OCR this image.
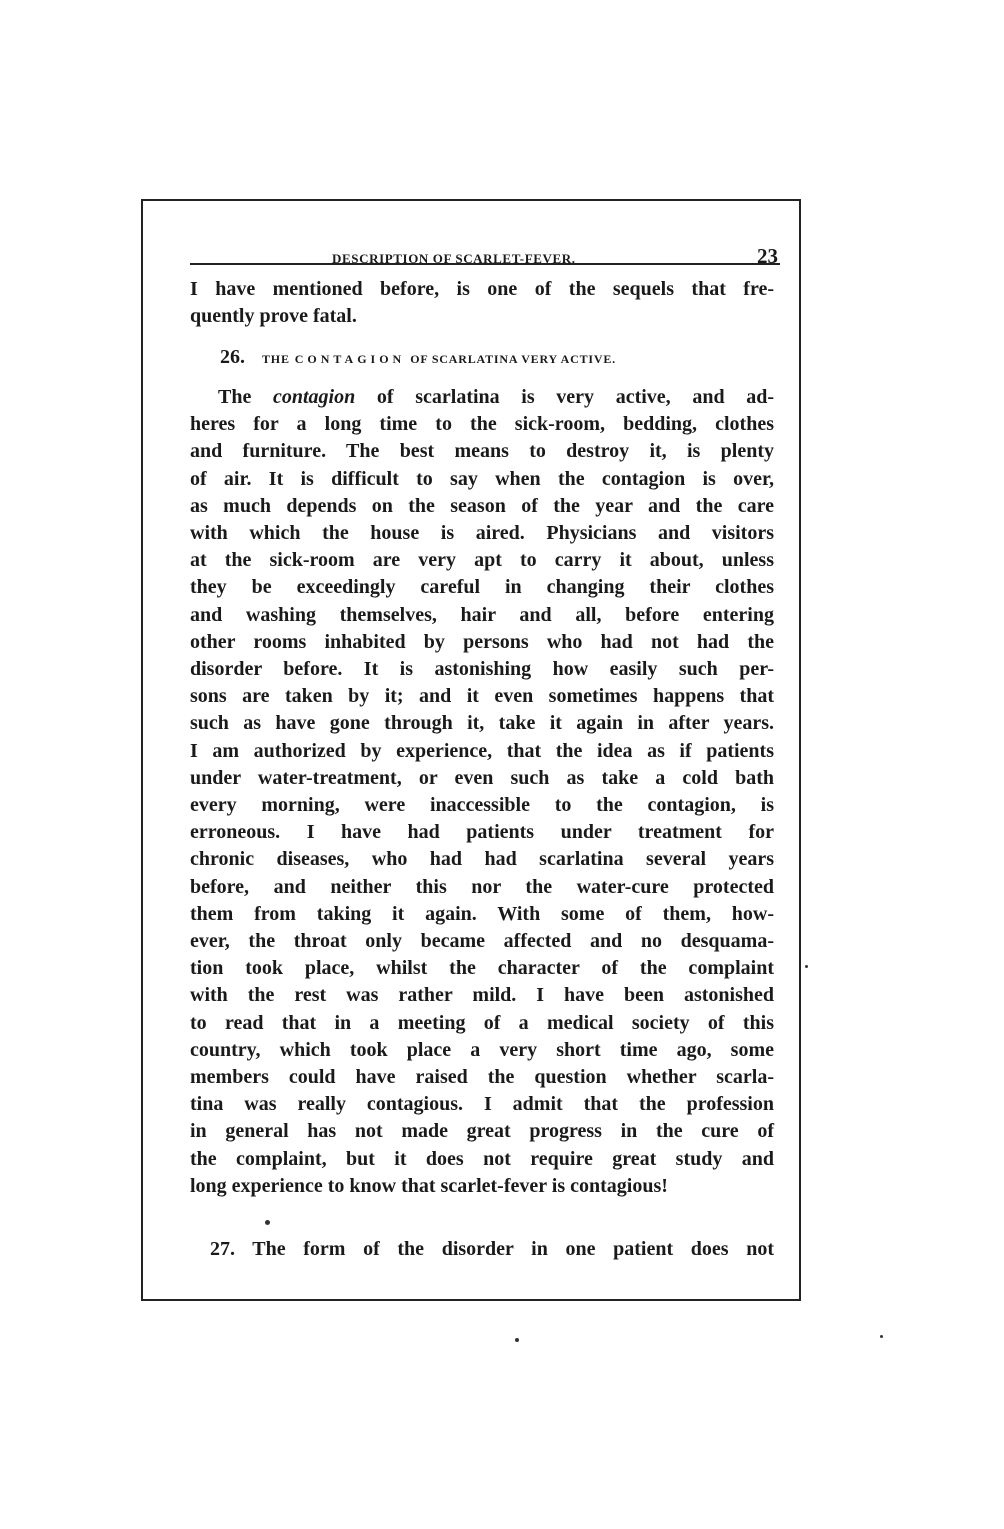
DESCRIPTION OF SCARLET-FEVER.	23
I have mentioned before, is one of the sequels that fre-
quently prove fatal.
26. THE CONTAGION OF SCARLATINA VERY ACTIVE.
The contagion of scarlatina is very active, and ad-
heres for a long time to the sick-room, bedding, clothes
and furniture. The best means to destroy it, is plenty
of air. It is difficult to say when the contagion is over,
as much depends on the season of the year and the care
with which the house is aired. Physicians and visitors
at the sick-room are very apt to carry it about, unless
they be exceedingly careful in changing their clothes
and washing themselves, hair and all, before entering
other rooms inhabited by persons who had not had the
disorder before. It is astonishing how easily such per-
sons are taken by it; and it even sometimes happens that
such as have gone through it, take it again in after years.
I am authorized by experience, that the idea as if patients
under water-treatment, or even such as take a cold bath
every morning, were inaccessible to the contagion, is
erroneous. I have had patients under treatment for
chronic diseases, who had had scarlatina several years
before, and neither this nor the water-cure protected
them from taking it again. With some of them, how-
ever, the throat only became affected and no desquama-
tion took place, whilst the character of the complaint
with the rest was rather mild. I have been astonished
to read that in a meeting of a medical society of this
country, which took place a very short time ago, some
members could have raised the question whether scarla-
tina was really contagious. I admit that the profession
in general has not made great progress in the cure of
the complaint, but it does not require great study and
long experience to know that scarlet-fever is contagious!
27. The form of the disorder in one patient does not
